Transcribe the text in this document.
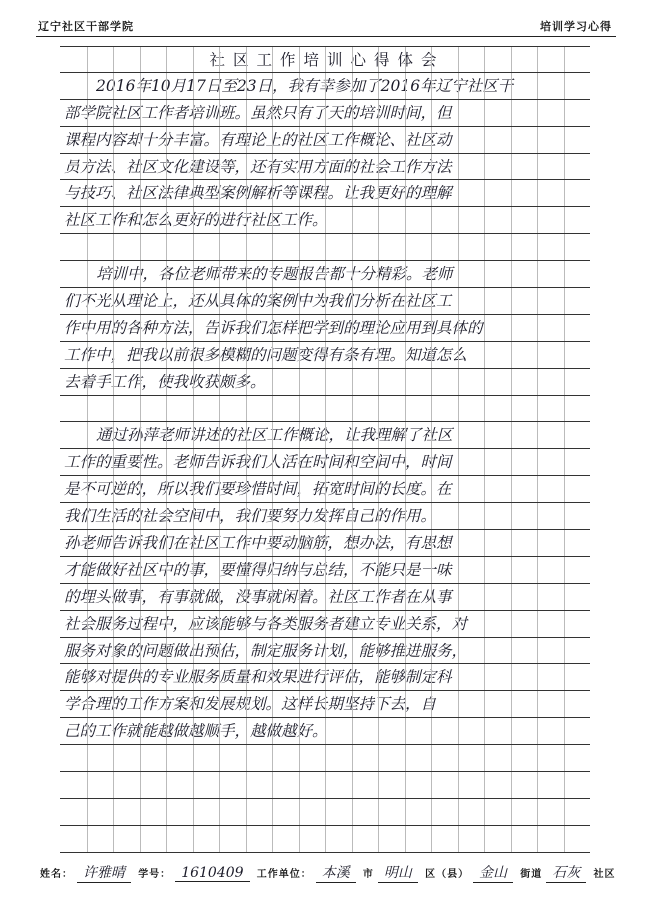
辽宁社区干部学院	培训学习心得
社区工作培训心得体会
2016年10月17日至23日，我有幸参加了2016年辽宁社区干
部学院社区工作者培训班。虽然只有了天的培训时间，但
课程内容却十分丰富。有理论上的社区工作概论、社区动
员方法、社区文化建设等，还有实用方面的社会工作方法
与技巧、社区法律典型案例解析等课程。让我更好的理解
社区工作和怎么更好的进行社区工作。
培训中，各位老师带来的专题报告都十分精彩。老师
们不光从理论上，还从具体的案例中为我们分析在社区工
作中用的各种方法，告诉我们怎样把学到的理论应用到具体的
工作中，把我以前很多模糊的问题变得有条有理。知道怎么
去着手工作，使我收获颇多。
通过孙萍老师讲述的社区工作概论，让我理解了社区
工作的重要性。老师告诉我们人活在时间和空间中，时间
是不可逆的，所以我们要珍惜时间，拓宽时间的长度。在
我们生活的社会空间中，我们要努力发挥自己的作用。
孙老师告诉我们在社区工作中要动脑筋，想办法，有思想
才能做好社区中的事，要懂得归纳与总结，不能只是一味
的埋头做事，有事就做，没事就闲着。社区工作者在从事
社会服务过程中，应该能够与各类服务者建立专业关系，对
服务对象的问题做出预估，制定服务计划，能够推进服务，
能够对提供的专业服务质量和效果进行评估，能够制定科
学合理的工作方案和发展规划。这样长期坚持下去，自
己的工作就能越做越顺手，越做越好。
姓名： 许雅晴 学号： 1610409 工作单位： 本溪 市 明山 区（县） 金山 街道 石灰 社区
